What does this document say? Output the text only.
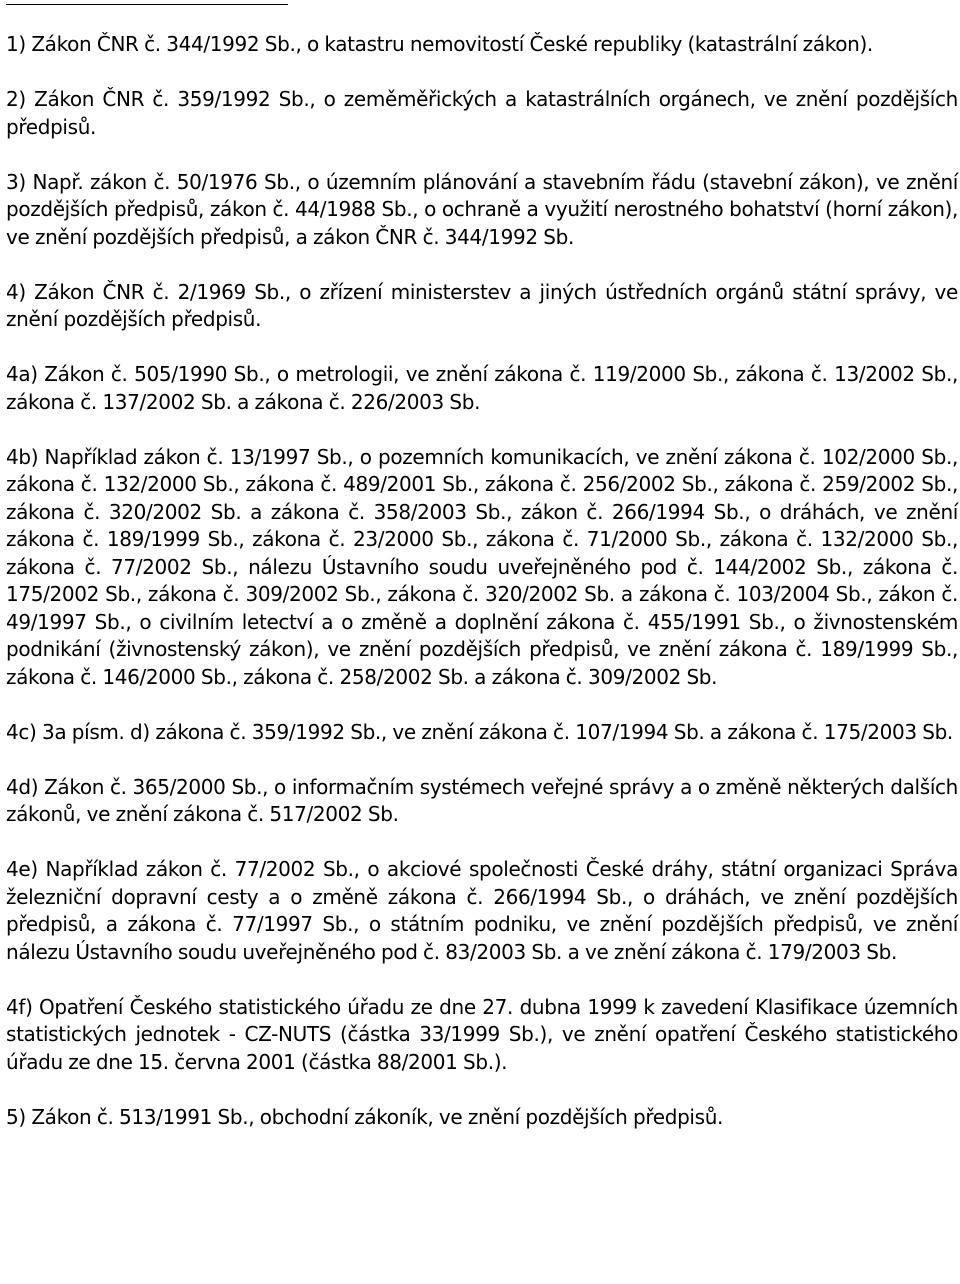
1) Zákon ČNR č. 344/1992 Sb., o katastru nemovitostí České republiky (katastrální zákon).

2) Zákon ČNR č. 359/1992 Sb., o zeměměřických a katastrálních orgánech, ve znění pozdějších předpisů.

3) Např. zákon č. 50/1976 Sb., o územním plánování a stavebním řádu (stavební zákon), ve znění pozdějších předpisů, zákon č. 44/1988 Sb., o ochraně a využití nerostného bohatství (horní zákon), ve znění pozdějších předpisů, a zákon ČNR č. 344/1992 Sb.

4) Zákon ČNR č. 2/1969 Sb., o zřízení ministerstev a jiných ústředních orgánů státní správy, ve znění pozdějších předpisů.

4a) Zákon č. 505/1990 Sb., o metrologii, ve znění zákona č. 119/2000 Sb., zákona č. 13/2002 Sb., zákona č. 137/2002 Sb. a zákona č. 226/2003 Sb.

4b) Například zákon č. 13/1997 Sb., o pozemních komunikacích, ve znění zákona č. 102/2000 Sb., zákona č. 132/2000 Sb., zákona č. 489/2001 Sb., zákona č. 256/2002 Sb., zákona č. 259/2002 Sb., zákona č. 320/2002 Sb. a zákona č. 358/2003 Sb., zákon č. 266/1994 Sb., o dráhách, ve znění zákona č. 189/1999 Sb., zákona č. 23/2000 Sb., zákona č. 71/2000 Sb., zákona č. 132/2000 Sb., zákona č. 77/2002 Sb., nálezu Ústavního soudu uveřejněného pod č. 144/2002 Sb., zákona č. 175/2002 Sb., zákona č. 309/2002 Sb., zákona č. 320/2002 Sb. a zákona č. 103/2004 Sb., zákon č. 49/1997 Sb., o civilním letectví a o změně a doplnění zákona č. 455/1991 Sb., o živnostenském podnikání (živnostenský zákon), ve znění pozdějších předpisů, ve znění zákona č. 189/1999 Sb., zákona č. 146/2000 Sb., zákona č. 258/2002 Sb. a zákona č. 309/2002 Sb.

4c) 3a písm. d) zákona č. 359/1992 Sb., ve znění zákona č. 107/1994 Sb. a zákona č. 175/2003 Sb.

4d) Zákon č. 365/2000 Sb., o informačním systémech veřejné správy a o změně některých dalších zákonů, ve znění zákona č. 517/2002 Sb.

4e) Například zákon č. 77/2002 Sb., o akciové společnosti České dráhy, státní organizaci Správa železniční dopravní cesty a o změně zákona č. 266/1994 Sb., o dráhách, ve znění pozdějších předpisů, a zákona č. 77/1997 Sb., o státním podniku, ve znění pozdějších předpisů, ve znění nálezu Ústavního soudu uveřejněného pod č. 83/2003 Sb. a ve znění zákona č. 179/2003 Sb.

4f) Opatření Českého statistického úřadu ze dne 27. dubna 1999 k zavedení Klasifikace územních statistických jednotek - CZ-NUTS (částka 33/1999 Sb.), ve znění opatření Českého statistického úřadu ze dne 15. června 2001 (částka 88/2001 Sb.).

5) Zákon č. 513/1991 Sb., obchodní zákoník, ve znění pozdějších předpisů.
